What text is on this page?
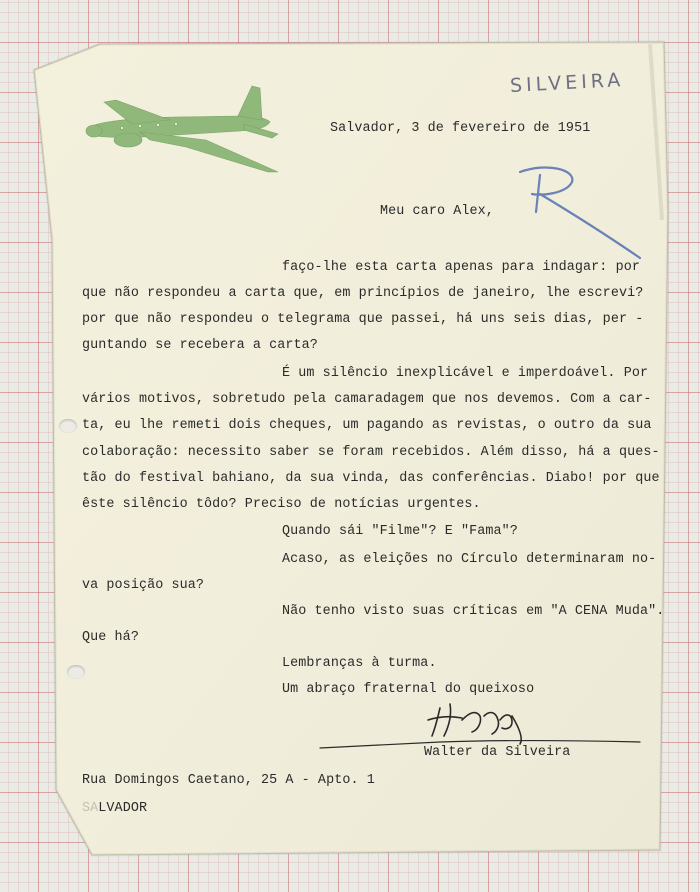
SILVEIRA
Salvador, 3 de fevereiro de 1951
Meu caro Alex,
faço-lhe esta carta apenas para indagar: por
que não respondeu a carta que, em princípios de janeiro, lhe escrevi?
por que não respondeu o telegrama que passei, há uns seis dias, per -
guntando se recebera a carta?
É um silêncio inexplicável e imperdoável. Por
vários motivos, sobretudo pela camaradagem que nos devemos. Com a car-
ta, eu lhe remeti dois cheques, um pagando as revistas, o outro da sua
colaboração: necessito saber se foram recebidos. Além disso, há a ques-
tão do festival bahiano, da sua vinda, das conferências. Diabo! por que
êste silêncio tôdo? Preciso de notícias urgentes.
Quando sái "Filme"? E "Fama"?
Acaso, as eleições no Círculo determinaram no-
va posição sua?
Não tenho visto suas críticas em "A CENA Muda".
Que há?
Lembranças à turma.
Um abraço fraternal do queixoso
Walter da Silveira
Rua Domingos Caetano, 25 A - Apto. 1
SALVADOR
